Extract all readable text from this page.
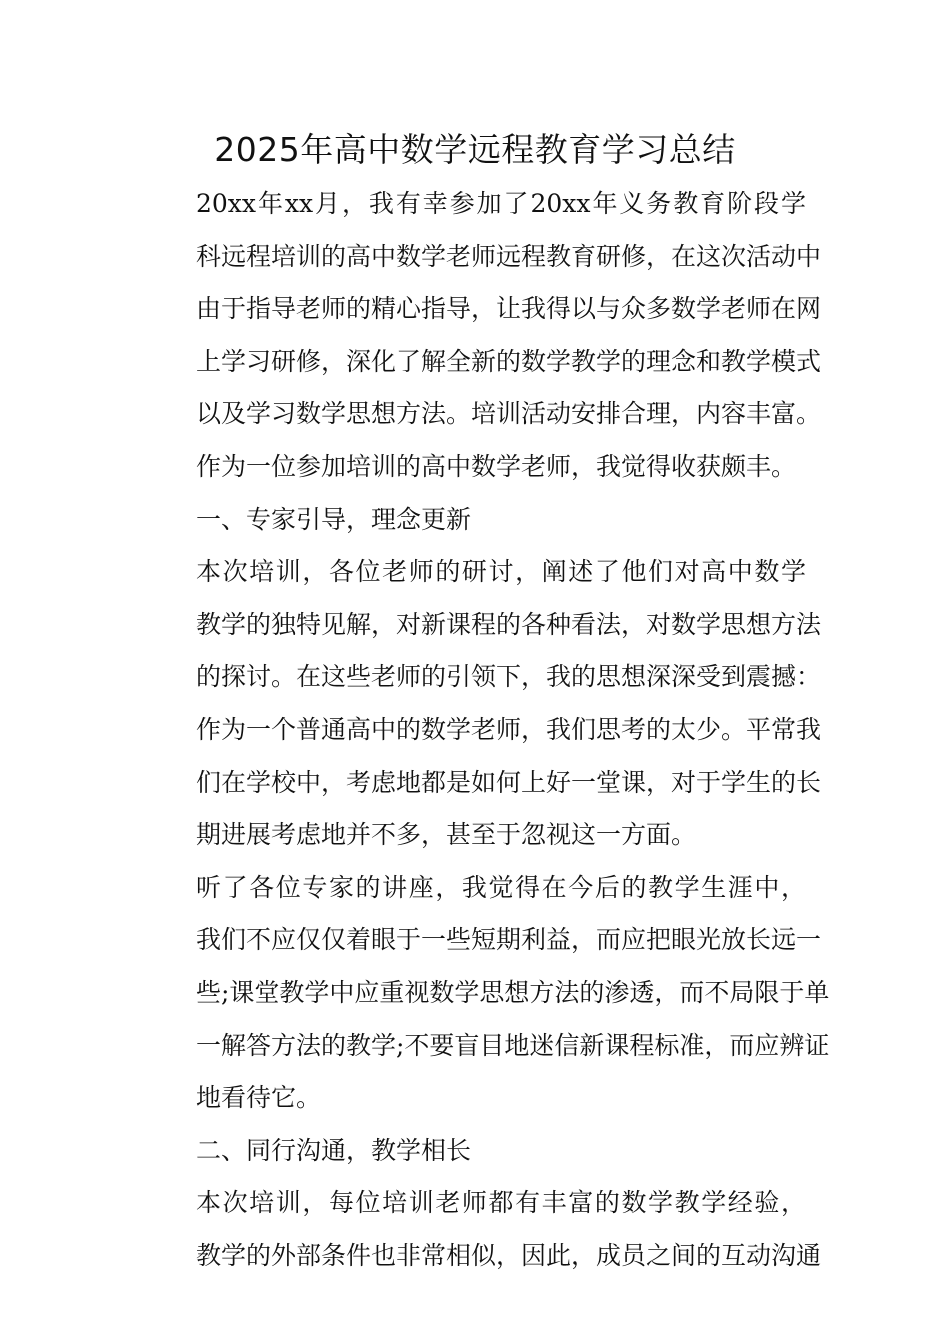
2025年高中数学远程教育学习总结

20xx年xx月，我有幸参加了20xx年义务教育阶段学
科远程培训的高中数学老师远程教育研修，在这次活动中
由于指导老师的精心指导，让我得以与众多数学老师在网
上学习研修，深化了解全新的数学教学的理念和教学模式
以及学习数学思想方法。培训活动安排合理，内容丰富。
作为一位参加培训的高中数学老师，我觉得收获颇丰。

一、专家引导，理念更新

本次培训，各位老师的研讨，阐述了他们对高中数学
教学的独特见解，对新课程的各种看法，对数学思想方法
的探讨。在这些老师的引领下，我的思想深深受到震撼：
作为一个普通高中的数学老师，我们思考的太少。平常我
们在学校中，考虑地都是如何上好一堂课，对于学生的长
期进展考虑地并不多，甚至于忽视这一方面。

听了各位专家的讲座，我觉得在今后的教学生涯中，
我们不应仅仅着眼于一些短期利益，而应把眼光放长远一
些;课堂教学中应重视数学思想方法的渗透，而不局限于单
一解答方法的教学;不要盲目地迷信新课程标准，而应辨证
地看待它。

二、同行沟通，教学相长

本次培训，每位培训老师都有丰富的数学教学经验，
教学的外部条件也非常相似，因此，成员之间的互动沟通
